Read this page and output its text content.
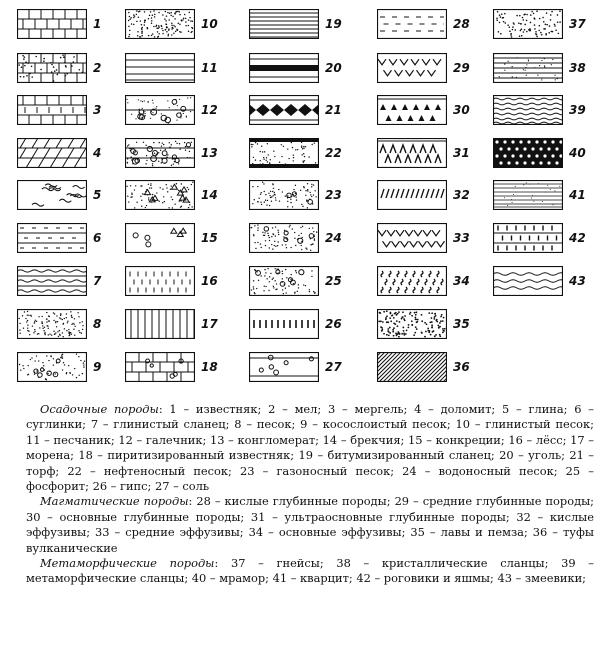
1
2
3
4
5
6
7
8
9
10
11
12
13
14
15
16
17
18
19
20
21
22
23
24
25
26
27
28
29
30
31
32
33
34
35
36
37
38
39
40
41
42
43

Осадочные породы: 1 – известняк; 2 – мел; 3 – мергель; 4 – доломит; 5 – глина; 6 – суглинки; 7 – глинистый сланец; 8 – песок; 9 – косослоистый песок; 10 – глинистый песок; 11 – песчаник; 12 – галечник; 13 – конгломерат; 14 – брекчия; 15 – конкреции; 16 – лёсс; 17 – морена; 18 – пиритизированный известняк; 19 – битумизированный сланец; 20 – уголь; 21 – торф; 22 – нефтеносный песок; 23 – газоносный песок; 24 – водоносный песок; 25 – фосфорит; 26 – гипс; 27 – соль

Магматические породы: 28 – кислые глубинные породы; 29 – средние глубинные породы; 30 – основные глубинные породы; 31 – ультраосновные глубинные породы; 32 – кислые эффузивы; 33 – средние эффузивы; 34 – основные эффузивы; 35 – лавы и пемза; 36 – туфы вулканические

Метаморфические породы: 37 – гнейсы; 38 – кристаллические сланцы; 39 – метаморфические сланцы; 40 – мрамор; 41 – кварцит; 42 – роговики и яшмы; 43 – змеевики;
